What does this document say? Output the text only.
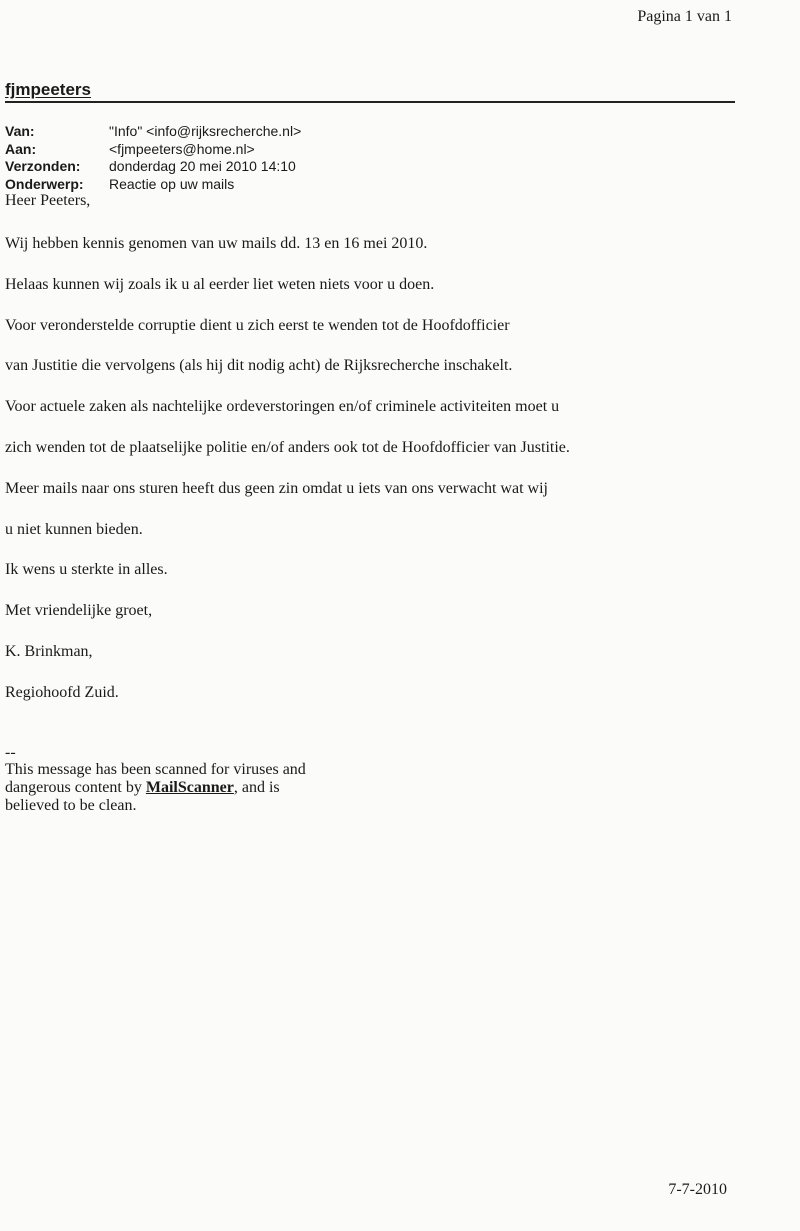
Pagina 1 van 1
fjmpeeters
Van:	"Info" <info@rijksrecherche.nl>
Aan:	<fjmpeeters@home.nl>
Verzonden:	donderdag 20 mei 2010 14:10
Onderwerp:	Reactie op uw mails
Heer Peeters,
Wij hebben kennis genomen van uw mails dd. 13 en 16 mei 2010.
Helaas kunnen wij zoals ik u al eerder liet weten niets voor u doen.
Voor veronderstelde corruptie dient u zich eerst te wenden tot de Hoofdofficier
van Justitie die vervolgens (als hij dit nodig acht) de Rijksrecherche inschakelt.
Voor actuele zaken als nachtelijke ordeverstoringen en/of criminele activiteiten moet u
zich wenden tot de plaatselijke politie en/of anders ook tot de Hoofdofficier van Justitie.
Meer mails naar ons sturen heeft dus geen zin omdat u iets van ons verwacht wat wij
u niet kunnen bieden.
Ik wens u sterkte in alles.
Met vriendelijke groet,
K. Brinkman,
Regiohoofd Zuid.
--
This message has been scanned for viruses and
dangerous content by MailScanner, and is
believed to be clean.
7-7-2010
